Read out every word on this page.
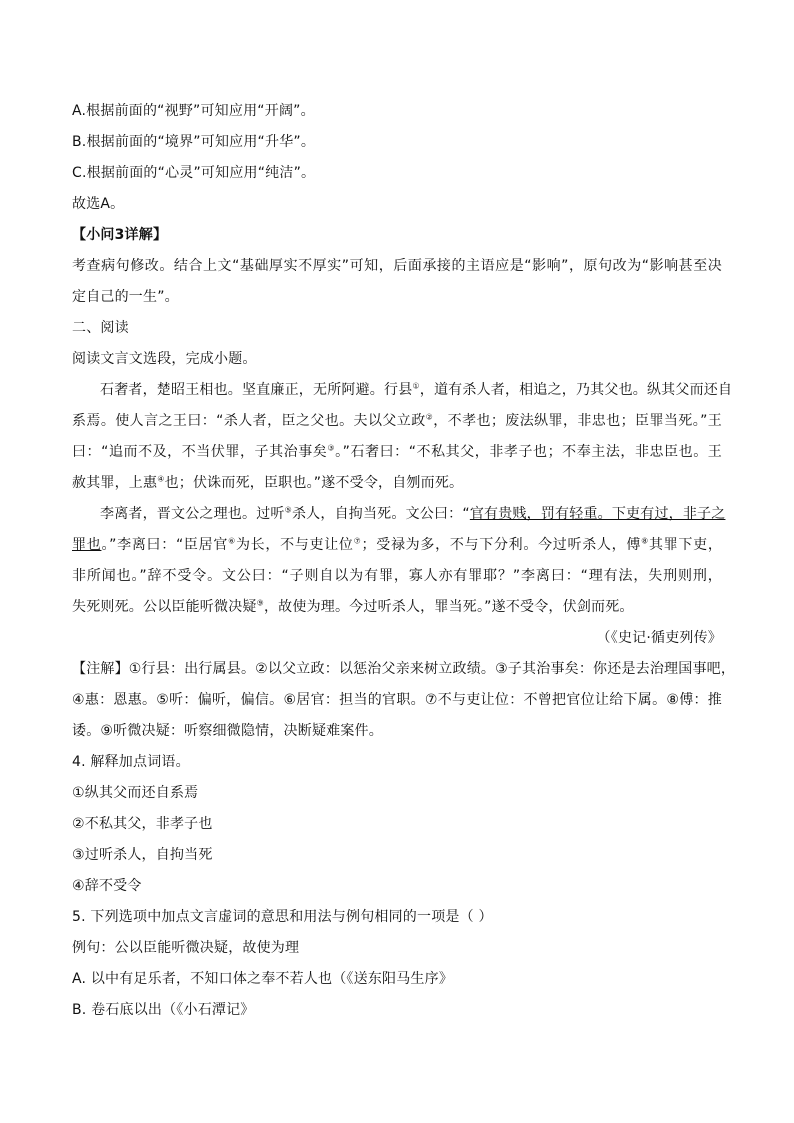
A.根据前面的“视野”可知应用“开阔”。
B.根据前面的“境界”可知应用“升华”。
C.根据前面的“心灵”可知应用“纯洁”。
故选A。
【小问3详解】
考查病句修改。结合上文“基础厚实不厚实”可知，后面承接的主语应是“影响”，原句改为“影响甚至决
定自己的一生”。
二、阅读
阅读文言文选段，完成小题。
石奢者，楚昭王相也。坚直廉正，无所阿避。行县①，道有杀人者，相追之，乃其父也。纵其父而还自
系焉。使人言之王曰：“杀人者，臣之父也。夫以父立政②，不孝也；废法纵罪，非忠也；臣罪当死。”王
曰：“追而不及，不当伏罪，子其治事矣③。”石奢曰：“不私其父，非孝子也；不奉主法，非忠臣也。王
赦其罪，上惠④也；伏诛而死，臣职也。”遂不受令，自刎而死。
李离者，晋文公之理也。过听⑤杀人，自拘当死。文公曰：“官有贵贱，罚有轻重。下吏有过，非子之
罪也。”李离曰：“臣居官⑥为长，不与吏让位⑦；受禄为多，不与下分利。今过听杀人，傅⑧其罪下吏，
非所闻也。”辞不受令。文公曰：“子则自以为有罪，寡人亦有罪耶？”李离曰：“理有法，失刑则刑，
失死则死。公以臣能听微决疑⑨，故使为理。今过听杀人，罪当死。”遂不受令，伏剑而死。
（《史记·循吏列传》
【注解】①行县：出行属县。②以父立政：以惩治父亲来树立政绩。③子其治事矣：你还是去治理国事吧，
④惠：恩惠。⑤听：偏听，偏信。⑥居官：担当的官职。⑦不与吏让位：不曾把官位让给下属。⑧傅：推
诿。⑨听微决疑：听察细微隐情，决断疑难案件。
4. 解释加点词语。
①纵其父而还自系焉
②不私其父，非孝子也
③过听杀人，自拘当死
④辞不受令
5. 下列选项中加点文言虚词的意思和用法与例句相同的一项是（ ）
例句：公以臣能听微决疑，故使为理
A. 以中有足乐者，不知口体之奉不若人也（《送东阳马生序》
B. 卷石底以出（《小石潭记》
